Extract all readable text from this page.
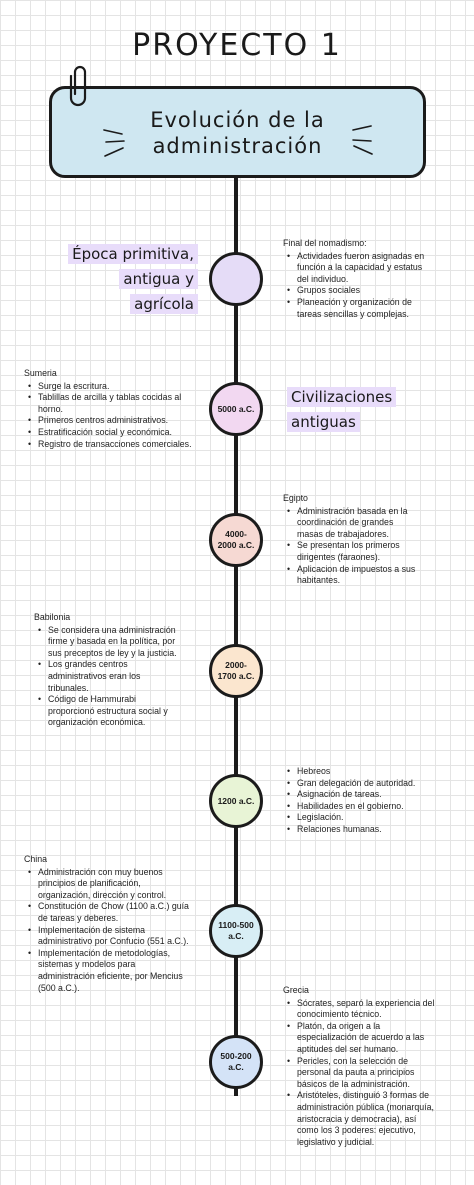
PROYECTO 1
Evolución de la
administración
Época primitiva,
antigua y
agrícola
Civilizaciones
antiguas
5000 a.C.
4000-
2000 a.C.
2000-
1700 a.C.
1200 a.C.
1100-500
a.C.
500-200
a.C.
Final del nomadismo:
• Actividades fueron asignadas en
función a la capacidad y estatus
del individuo.
• Grupos sociales
• Planeación y organización de
tareas sencillas y complejas.
Sumeria
• Surge la escritura.
• Tablillas de arcilla y tablas cocidas al
horno.
• Primeros centros administrativos.
• Estratificación social y económica.
• Registro de transacciones comerciales.
Egipto
• Administración basada en la
coordinación de grandes
masas de trabajadores.
• Se presentan los primeros
dirigentes (faraones).
• Aplicacion de impuestos a sus
habitantes.
Babilonia
• Se considera una administración
firme y basada en la política, por
sus preceptos de ley y la justicia.
• Los grandes centros
administrativos eran los
tribunales.
• Código de Hammurabi
proporcionó estructura social y
organización económica.
• Hebreos
• Gran delegación de autoridad.
• Asignación de tareas.
• Habilidades en el gobierno.
• Legislación.
• Relaciones humanas.
China
• Administración con muy buenos
principios de planificación,
organización, dirección y control.
• Constitución de Chow (1100 a.C.) guía
de tareas y deberes.
• Implementación de sistema
administrativo por Confucio (551 a.C.).
• Implementación de metodologías,
sistemas y modelos para
administración eficiente, por Mencius
(500 a.C.).	Grecia
• Sócrates, separó la experiencia del
conocimiento técnico.
• Platón, da origen a la
especialización de acuerdo a las
aptitudes del ser humano.
• Pericles, con la selección de
personal da pauta a principios
básicos de la administración.
• Aristóteles, distinguió 3 formas de
administración pública (monarquía,
aristocracia y democracia), así
como los 3 poderes: ejecutivo,
legislativo y judicial.
